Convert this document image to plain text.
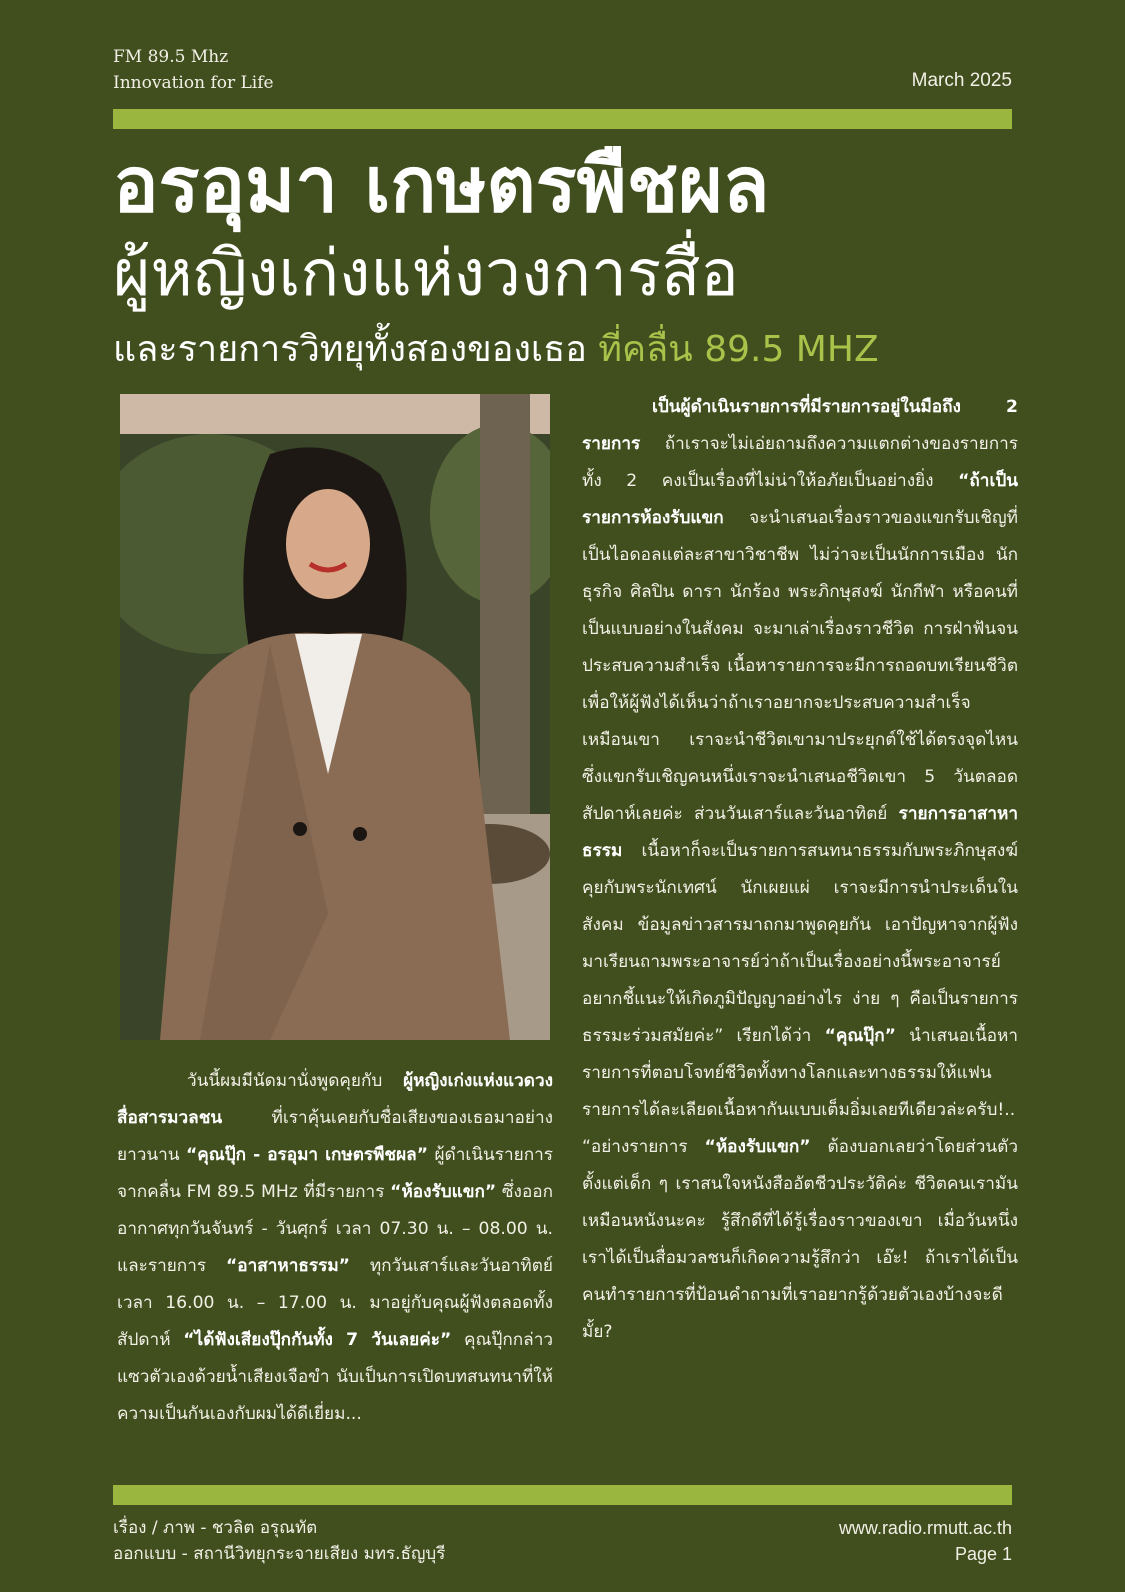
FM 89.5 Mhz
Innovation for Life	March 2025
อรอุมา เกษตรพืชผล
ผู้หญิงเก่งแห่งวงการสื่อ
และรายการวิทยุทั้งสองของเธอ ที่คลื่น 89.5 MHZ

เป็นผู้ดำเนินรายการที่มีรายการอยู่ในมือถึง 2 รายการ ถ้าเราจะไม่เอ่ยถามถึงความแตกต่างของรายการทั้ง 2 คงเป็นเรื่องที่ไม่น่าให้อภัยเป็นอย่างยิ่ง “ถ้าเป็นรายการห้องรับแขก จะนำเสนอเรื่องราวของแขกรับเชิญที่เป็นไอดอลแต่ละสาขาวิชาชีพ ไม่ว่าจะเป็นนักการเมือง นักธุรกิจ ศิลปิน ดารา นักร้อง พระภิกษุสงฆ์ นักกีฬา หรือคนที่เป็นแบบอย่างในสังคม จะมาเล่าเรื่องราวชีวิต การฝ่าฟันจนประสบความสำเร็จ เนื้อหารายการจะมีการถอดบทเรียนชีวิตเพื่อให้ผู้ฟังได้เห็นว่าถ้าเราอยากจะประสบความสำเร็จเหมือนเขา เราจะนำชีวิตเขามาประยุกต์ใช้ได้ตรงจุดไหน ซึ่งแขกรับเชิญคนหนึ่งเราจะนำเสนอชีวิตเขา 5 วันตลอดสัปดาห์เลยค่ะ ส่วนวันเสาร์และวันอาทิตย์ รายการอาสาหาธรรม เนื้อหาก็จะเป็นรายการสนทนาธรรมกับพระภิกษุสงฆ์ คุยกับพระนักเทศน์ นักเผยแผ่ เราจะมีการนำประเด็นในสังคม ข้อมูลข่าวสารมาถกมาพูดคุยกัน เอาปัญหาจากผู้ฟังมาเรียนถามพระอาจารย์ว่าถ้าเป็นเรื่องอย่างนี้พระอาจารย์อยากชี้แนะให้เกิดภูมิปัญญาอย่างไร ง่าย ๆ คือเป็นรายการธรรมะร่วมสมัยค่ะ” เรียกได้ว่า “คุณปุ๊ก” นำเสนอเนื้อหารายการที่ตอบโจทย์ชีวิตทั้งทางโลกและทางธรรมให้แฟนรายการได้ละเลียดเนื้อหากันแบบเต็มอิ่มเลยทีเดียวล่ะครับ!..

“อย่างรายการ “ห้องรับแขก” ต้องบอกเลยว่าโดยส่วนตัวตั้งแต่เด็ก ๆ เราสนใจหนังสืออัตชีวประวัติค่ะ ชีวิตคนเรามันเหมือนหนังนะคะ รู้สึกดีที่ได้รู้เรื่องราวของเขา เมื่อวันหนึ่งเราได้เป็นสื่อมวลชนก็เกิดความรู้สึกว่า เอ๊ะ! ถ้าเราได้เป็นคนทำรายการที่ป้อนคำถามที่เราอยากรู้ด้วยตัวเองบ้างจะดีมั้ย?

วันนี้ผมมีนัดมานั่งพูดคุยกับ ผู้หญิงเก่งแห่งแวดวงสื่อสารมวลชน ที่เราคุ้นเคยกับชื่อเสียงของเธอมาอย่างยาวนาน “คุณปุ๊ก - อรอุมา เกษตรพืชผล” ผู้ดำเนินรายการจากคลื่น FM 89.5 MHz ที่มีรายการ “ห้องรับแขก” ซึ่งออกอากาศทุกวันจันทร์ - วันศุกร์ เวลา 07.30 น. – 08.00 น. และรายการ “อาสาหาธรรม” ทุกวันเสาร์และวันอาทิตย์ เวลา 16.00 น. – 17.00 น. มาอยู่กับคุณผู้ฟังตลอดทั้งสัปดาห์ “ได้ฟังเสียงปุ๊กกันทั้ง 7 วันเลยค่ะ” คุณปุ๊กกล่าวแซวตัวเองด้วยน้ำเสียงเจือขำ นับเป็นการเปิดบทสนทนาที่ให้ความเป็นกันเองกับผมได้ดีเยี่ยม...

เรื่อง / ภาพ - ชวลิต อรุณทัต
ออกแบบ - สถานีวิทยุกระจายเสียง มทร.ธัญบุรี
www.radio.rmutt.ac.th
Page 1
